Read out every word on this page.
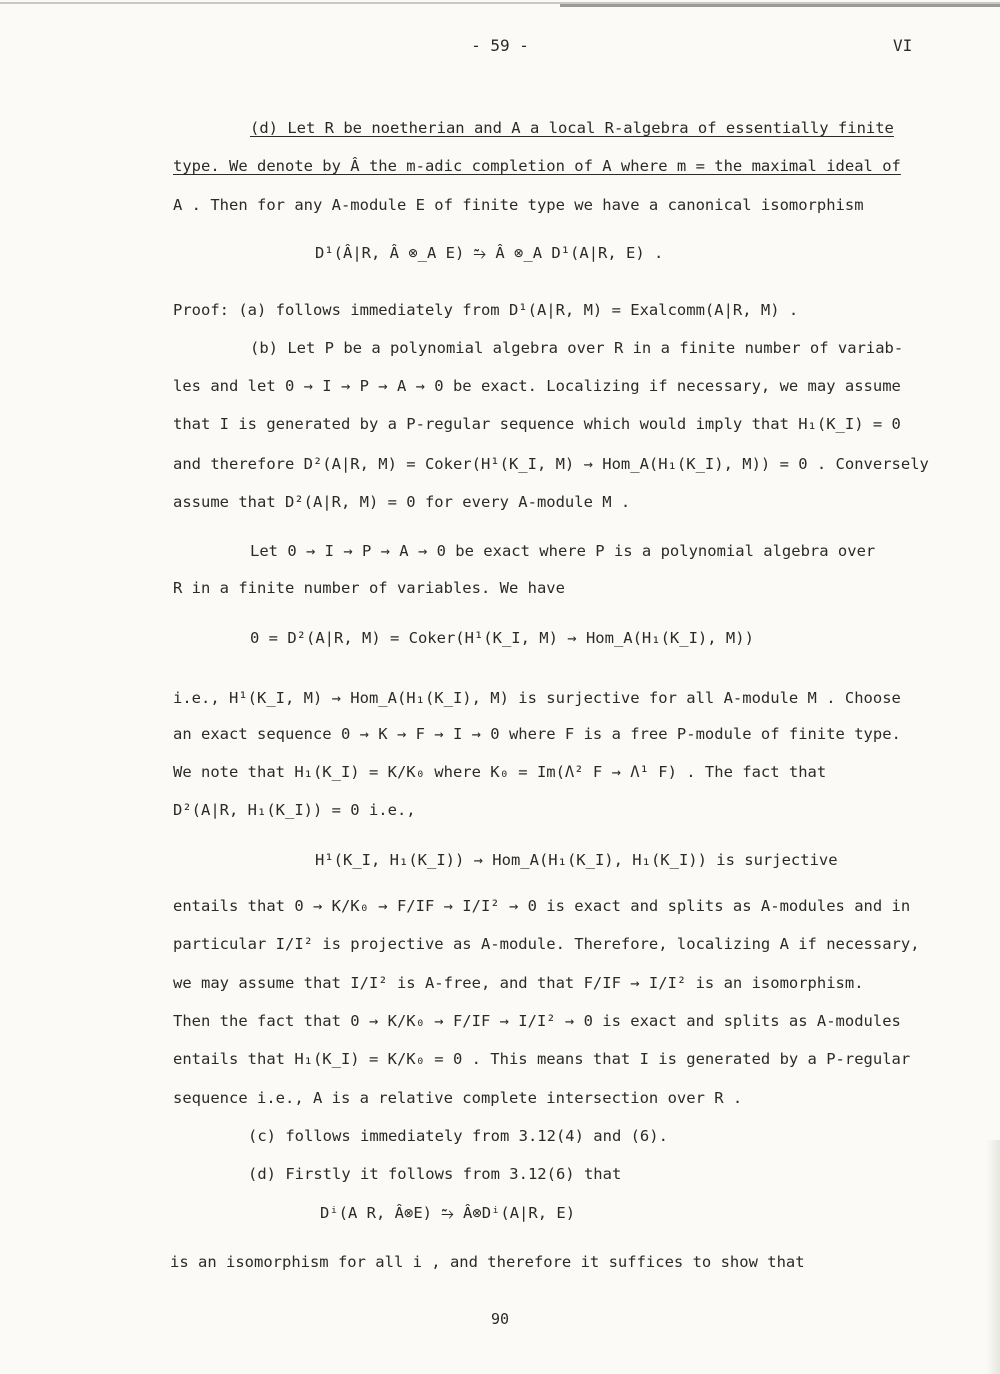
- 59 -	VI
(d) Let R be noetherian and A a local R-algebra of essentially finite
type. We denote by Â the m-adic completion of A where m = the maximal ideal of
A . Then for any A-module E of finite type we have a canonical isomorphism
D¹(Â|R, Â ⊗_A E) ⥲ Â ⊗_A D¹(A|R, E) .
Proof: (a) follows immediately from D¹(A|R, M) = Exalcomm(A|R, M) .
(b) Let P be a polynomial algebra over R in a finite number of variab-
les and let 0 → I → P → A → 0 be exact. Localizing if necessary, we may assume
that I is generated by a P-regular sequence which would imply that H₁(K_I) = 0
and therefore D²(A|R, M) = Coker(H¹(K_I, M) → Hom_A(H₁(K_I), M)) = 0 . Conversely
assume that D²(A|R, M) = 0 for every A-module M .
Let 0 → I → P → A → 0 be exact where P is a polynomial algebra over
R in a finite number of variables. We have
0 = D²(A|R, M) = Coker(H¹(K_I, M) → Hom_A(H₁(K_I), M))
i.e., H¹(K_I, M) → Hom_A(H₁(K_I), M) is surjective for all A-module M . Choose
an exact sequence 0 → K → F → I → 0 where F is a free P-module of finite type.
We note that H₁(K_I) = K/K₀ where K₀ = Im(Λ² F → Λ¹ F) . The fact that
D²(A|R, H₁(K_I)) = 0 i.e.,
H¹(K_I, H₁(K_I)) → Hom_A(H₁(K_I), H₁(K_I)) is surjective
entails that 0 → K/K₀ → F/IF → I/I² → 0 is exact and splits as A-modules and in
particular I/I² is projective as A-module. Therefore, localizing A if necessary,
we may assume that I/I² is A-free, and that F/IF → I/I² is an isomorphism.
Then the fact that 0 → K/K₀ → F/IF → I/I² → 0 is exact and splits as A-modules
entails that H₁(K_I) = K/K₀ = 0 . This means that I is generated by a P-regular
sequence i.e., A is a relative complete intersection over R .
(c) follows immediately from 3.12(4) and (6).
(d) Firstly it follows from 3.12(6) that
Dⁱ(A R, Â⊗E) ⥲ Â⊗Dⁱ(A|R, E)
is an isomorphism for all i , and therefore it suffices to show that
90
